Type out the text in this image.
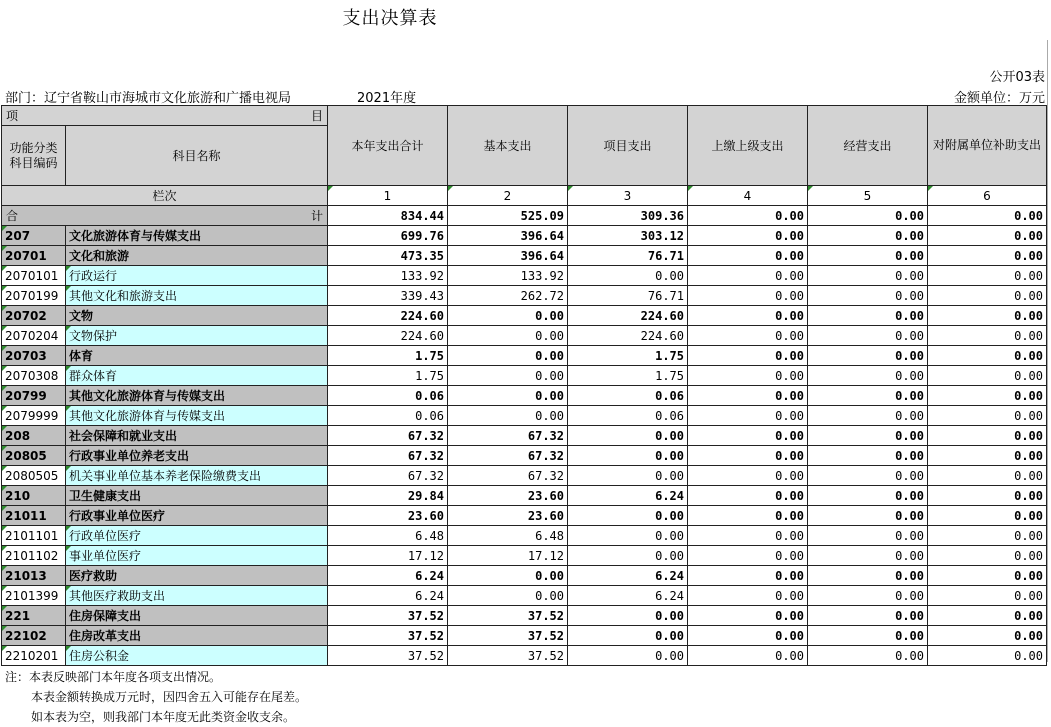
支出决算表
公开03表
部门：辽宁省鞍山市海城市文化旅游和广播电视局	2021年度	金额单位：万元
项 目		本年支出合计	基本支出	项目支出	上缴上级支出	经营支出	对附属单位补助支出
功能分类科目编码	科目名称						
栏次		1	2	3	4	5	6
合 计		834.44	525.09	309.36	0.00	0.00	0.00
207	文化旅游体育与传媒支出	699.76	396.64	303.12	0.00	0.00	0.00
20701	文化和旅游	473.35	396.64	76.71	0.00	0.00	0.00
2070101	行政运行	133.92	133.92	0.00	0.00	0.00	0.00
2070199	其他文化和旅游支出	339.43	262.72	76.71	0.00	0.00	0.00
20702	文物	224.60	0.00	224.60	0.00	0.00	0.00
2070204	文物保护	224.60	0.00	224.60	0.00	0.00	0.00
20703	体育	1.75	0.00	1.75	0.00	0.00	0.00
2070308	群众体育	1.75	0.00	1.75	0.00	0.00	0.00
20799	其他文化旅游体育与传媒支出	0.06	0.00	0.06	0.00	0.00	0.00
2079999	其他文化旅游体育与传媒支出	0.06	0.00	0.06	0.00	0.00	0.00
208	社会保障和就业支出	67.32	67.32	0.00	0.00	0.00	0.00
20805	行政事业单位养老支出	67.32	67.32	0.00	0.00	0.00	0.00
2080505	机关事业单位基本养老保险缴费支出	67.32	67.32	0.00	0.00	0.00	0.00
210	卫生健康支出	29.84	23.60	6.24	0.00	0.00	0.00
21011	行政事业单位医疗	23.60	23.60	0.00	0.00	0.00	0.00
2101101	行政单位医疗	6.48	6.48	0.00	0.00	0.00	0.00
2101102	事业单位医疗	17.12	17.12	0.00	0.00	0.00	0.00
21013	医疗救助	6.24	0.00	6.24	0.00	0.00	0.00
2101399	其他医疗救助支出	6.24	0.00	6.24	0.00	0.00	0.00
221	住房保障支出	37.52	37.52	0.00	0.00	0.00	0.00
22102	住房改革支出	37.52	37.52	0.00	0.00	0.00	0.00
2210201	住房公积金	37.52	37.52	0.00	0.00	0.00	0.00
注：本表反映部门本年度各项支出情况。
本表金额转换成万元时，因四舍五入可能存在尾差。
如本表为空，则我部门本年度无此类资金收支余。
